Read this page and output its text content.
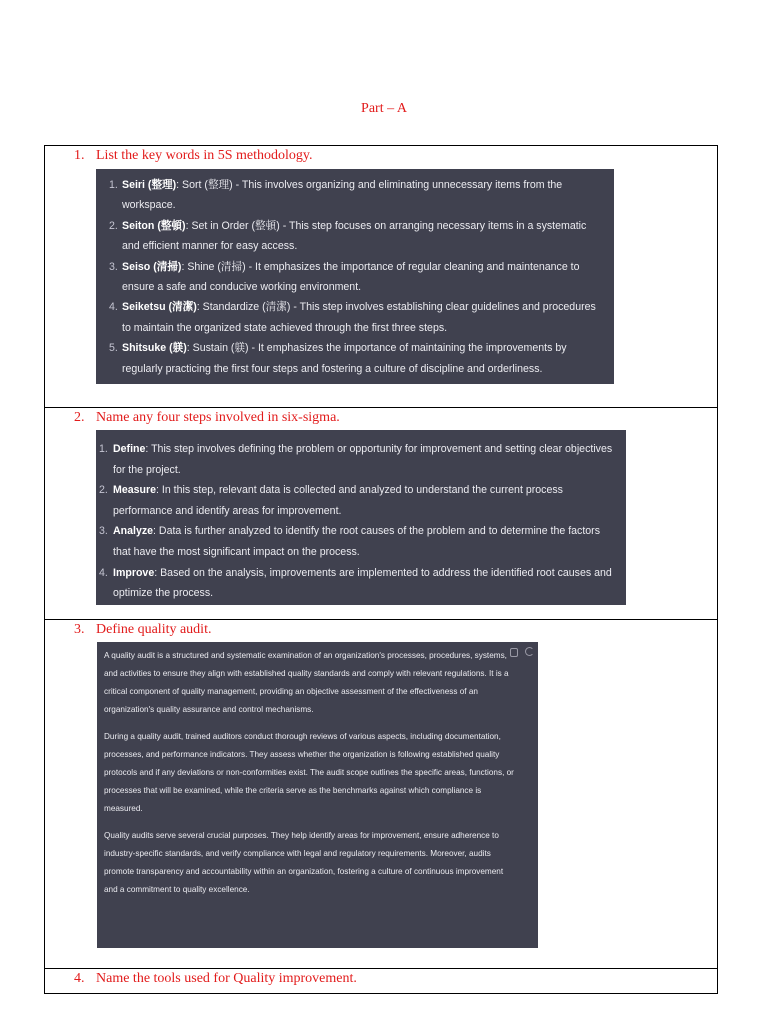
Part – A
1. List the key words in 5S methodology.
1. Seiri (整理): Sort (整理) - This involves organizing and eliminating unnecessary items from the workspace.
2. Seiton (整頓): Set in Order (整頓) - This step focuses on arranging necessary items in a systematic and efficient manner for easy access.
3. Seiso (清掃): Shine (清掃) - It emphasizes the importance of regular cleaning and maintenance to ensure a safe and conducive working environment.
4. Seiketsu (清潔): Standardize (清潔) - This step involves establishing clear guidelines and procedures to maintain the organized state achieved through the first three steps.
5. Shitsuke (躾): Sustain (躾) - It emphasizes the importance of maintaining the improvements by regularly practicing the first four steps and fostering a culture of discipline and orderliness.
2. Name any four steps involved in six-sigma.
1. Define: This step involves defining the problem or opportunity for improvement and setting clear objectives for the project.
2. Measure: In this step, relevant data is collected and analyzed to understand the current process performance and identify areas for improvement.
3. Analyze: Data is further analyzed to identify the root causes of the problem and to determine the factors that have the most significant impact on the process.
4. Improve: Based on the analysis, improvements are implemented to address the identified root causes and optimize the process.
3. Define quality audit.

A quality audit is a structured and systematic examination of an organization's processes, procedures, systems, and activities to ensure they align with established quality standards and comply with relevant regulations. It is a critical component of quality management, providing an objective assessment of the effectiveness of an organization's quality assurance and control mechanisms.

During a quality audit, trained auditors conduct thorough reviews of various aspects, including documentation, processes, and performance indicators. They assess whether the organization is following established quality protocols and if any deviations or non-conformities exist. The audit scope outlines the specific areas, functions, or processes that will be examined, while the criteria serve as the benchmarks against which compliance is measured.

Quality audits serve several crucial purposes. They help identify areas for improvement, ensure adherence to industry-specific standards, and verify compliance with legal and regulatory requirements. Moreover, audits promote transparency and accountability within an organization, fostering a culture of continuous improvement and a commitment to quality excellence.

4. Name the tools used for Quality improvement.
